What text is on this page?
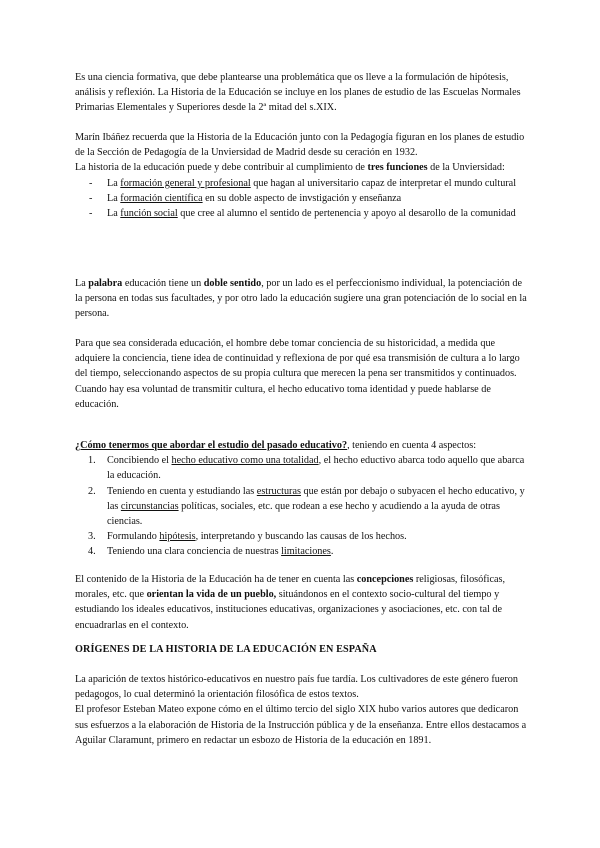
Es una ciencia formativa, que debe plantearse una problemática que os lleve a la formulación de hipótesis, análisis y reflexión. La Historia de la Educación se incluye en los planes de estudio de las Escuelas Normales Primarias Elementales y Superiores desde la 2ª mitad del s.XIX.

Marín Ibáñez recuerda que la Historia de la Educación junto con la Pedagogía figuran en los planes de estudio de la Sección de Pedagogía de la Unviersidad de Madrid desde su ceración en 1932.

La historia de la educación puede y debe contribuir al cumplimiento de tres funciones de la Unviersidad:

- La formación general y profesional que hagan al universitario capaz de interpretar el mundo cultural
- La formación científica en su doble aspecto de invstigación y enseñanza
- La función social que cree al alumno el sentido de pertenencia y apoyo al desarollo de la comunidad

La palabra educación tiene un doble sentido, por un lado es el perfeccionismo individual, la potenciación de la persona en todas sus facultades, y por otro lado la educación sugiere una gran potenciación de lo social en la persona.

Para que sea considerada educación, el hombre debe tomar conciencia de su historicidad, a medida que adquiere la conciencia, tiene idea de continuidad y reflexiona de por qué esa transmisión de cultura a lo largo del tiempo, seleccionando aspectos de su propia cultura que merecen la pena ser transmitidos y continuados. Cuando hay esa voluntad de transmitir cultura, el hecho educativo toma identidad y puede hablarse de educación.

¿Cómo tenermos que abordar el estudio del pasado educativo?, teniendo en cuenta 4 aspectos:

1. Concibiendo el hecho educativo como una totalidad, el hecho eductivo abarca todo aquello que abarca la educación.
2. Teniendo en cuenta y estudiando las estructuras que están por debajo o subyacen el hecho educativo, y las circunstancias políticas, sociales, etc. que rodean a ese hecho y acudiendo a la ayuda de otras ciencias.
3. Formulando hipótesis, interpretando y buscando las causas de los hechos.
4. Teniendo una clara conciencia de nuestras limitaciones.

El contenido de la Historia de la Educación ha de tener en cuenta las concepciones religiosas, filosóficas, morales, etc. que orientan la vida de un pueblo, situándonos en el contexto socio-cultural del tiempo y estudiando los ideales educativos, instituciones educativas, organizaciones y asociaciones, etc. con tal de encuadrarlas en el contexto.

ORÍGENES DE LA HISTORIA DE LA EDUCACIÓN EN ESPAÑA

La aparición de textos histórico-educativos en nuestro país fue tardía. Los cultivadores de este género fueron pedagogos, lo cual determinó la orientación filosófica de estos textos.

El profesor Esteban Mateo expone cómo en el último tercio del siglo XIX hubo varios autores que dedicaron sus esfuerzos a la elaboración de Historia de la Instrucción pública y de la enseñanza. Entre ellos destacamos a Aguilar Claramunt, primero en redactar un esbozo de Historia de la educación en 1891.
